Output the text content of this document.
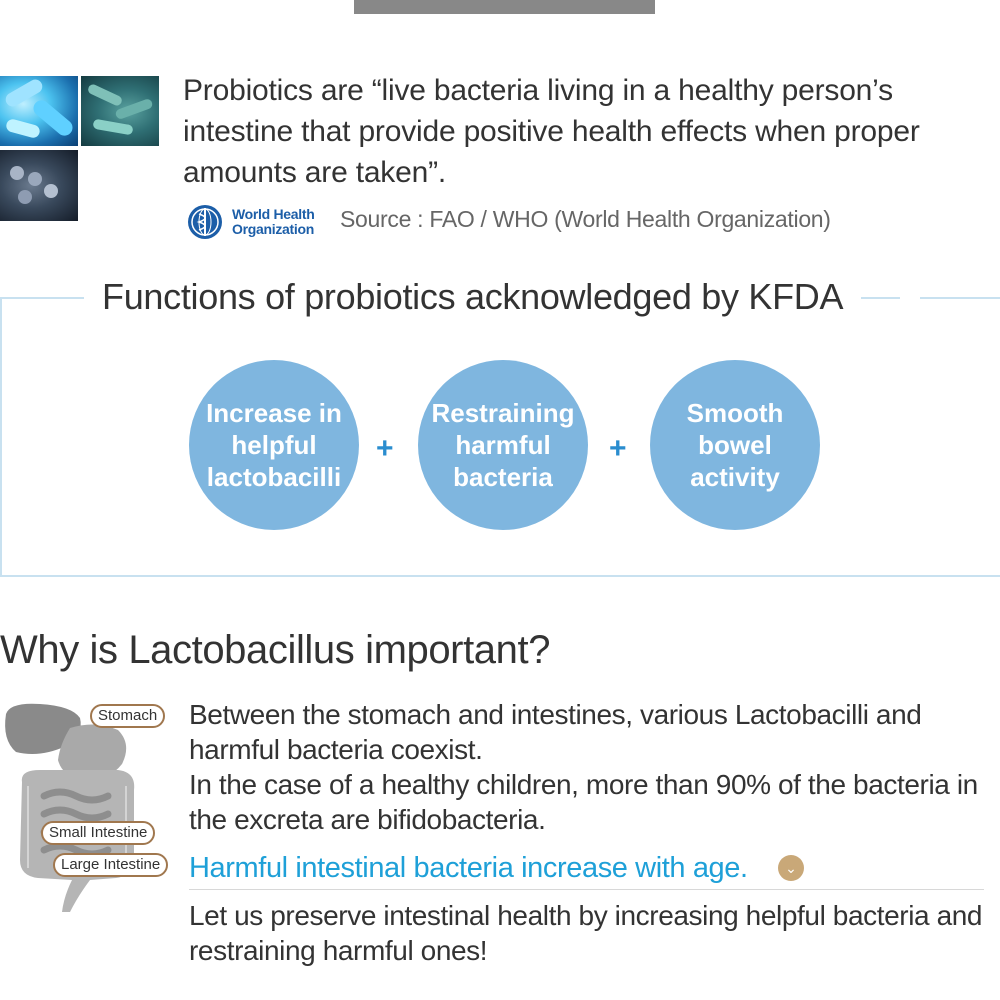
Probiotics are “live bacteria living in a healthy person’s intestine that provide positive health effects when proper amounts are taken”.

World Health
Organization Source : FAO / WHO (World Health Organization)
Functions of probiotics acknowledged by KFDA
Increase in helpful lactobacilli
+
Restraining harmful bacteria
+
Smooth bowel activity
Why is Lactobacillus important?
Stomach
Small Intestine
Large Intestine

Between the stomach and intestines, various Lactobacilli and harmful bacteria coexist.

In the case of a healthy children, more than 90% of the bacteria in the excreta are bifidobacteria.

Harmful intestinal bacteria increase with age.	⌄

Let us preserve intestinal health by increasing helpful bacteria and restraining harmful ones!
